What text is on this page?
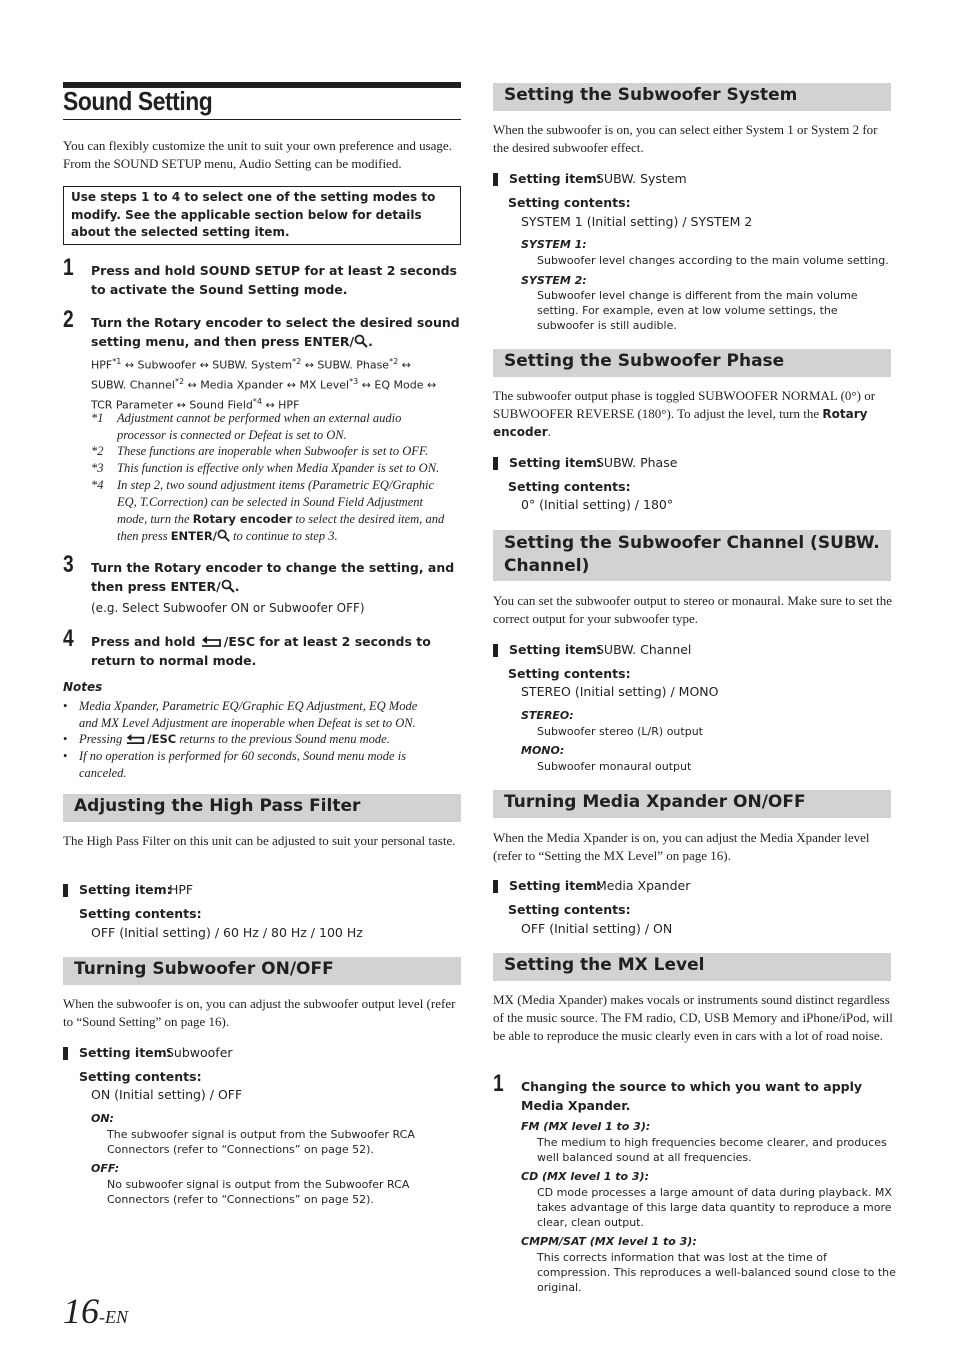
Sound Setting
You can flexibly customize the unit to suit your own preference and usage. From the SOUND SETUP menu, Audio Setting can be modified.
Use steps 1 to 4 to select one of the setting modes to modify. See the applicable section below for details about the selected setting item.
1 Press and hold SOUND SETUP for at least 2 seconds to activate the Sound Setting mode.
2 Turn the Rotary encoder to select the desired sound setting menu, and then press ENTER/ .
HPF$^{*1}$ ↔ Subwoofer ↔ SUBW. System$^{*2}$ ↔ SUBW. Phase$^{*2}$ ↔
SUBW. Channel$^{*2}$ ↔ Media Xpander ↔ MX Level$^{*3}$ ↔ EQ Mode ↔
TCR Parameter ↔ Sound Field$^{*4}$ ↔ HPF
*1 Adjustment cannot be performed when an external audio
processor is connected or Defeat is set to ON.
*2 These functions are inoperable when Subwoofer is set to OFF.
*3 This function is effective only when Media Xpander is set to ON.
*4 In step 2, two sound adjustment items (Parametric EQ/Graphic
EQ, T.Correction) can be selected in Sound Field Adjustment
mode, turn the Rotary encoder to select the desired item, and
then press ENTER/ to continue to step 3.
3 Turn the Rotary encoder to change the setting, and then press ENTER/ .
(e.g. Select Subwoofer ON or Subwoofer OFF)
4 Press and hold /ESC for at least 2 seconds to return to normal mode.
Notes
• Media Xpander, Parametric EQ/Graphic EQ Adjustment, EQ Mode
and MX Level Adjustment are inoperable when Defeat is set to ON.
• Pressing /ESC returns to the previous Sound menu mode.
• If no operation is performed for 60 seconds, Sound menu mode is
canceled.
Adjusting the High Pass Filter
The High Pass Filter on this unit can be adjusted to suit your personal taste.
Setting item:
HPF
Setting contents:
OFF (Initial setting) / 60 Hz / 80 Hz / 100 Hz
Turning Subwoofer ON/OFF
When the subwoofer is on, you can adjust the subwoofer output level (refer to “Sound Setting” on page 16).
Setting item:
Subwoofer
Setting contents:
ON (Initial setting) / OFF
ON:
The subwoofer signal is output from the Subwoofer RCA Connectors (refer to “Connections” on page 52).
OFF:
No subwoofer signal is output from the Subwoofer RCA Connectors (refer to “Connections” on page 52).
16-EN
Setting the Subwoofer System
When the subwoofer is on, you can select either System 1 or System 2 for the desired subwoofer effect.
Setting item:
SUBW. System
Setting contents:
SYSTEM 1 (Initial setting) / SYSTEM 2
SYSTEM 1:
Subwoofer level changes according to the main volume setting.
SYSTEM 2:
Subwoofer level change is different from the main volume setting. For example, even at low volume settings, the subwoofer is still audible.
Setting the Subwoofer Phase
The subwoofer output phase is toggled SUBWOOFER NORMAL (0°) or SUBWOOFER REVERSE (180°). To adjust the level, turn the Rotary encoder.
Setting item:
SUBW. Phase
Setting contents:
0° (Initial setting) / 180°
Setting the Subwoofer Channel (SUBW. Channel)
You can set the subwoofer output to stereo or monaural. Make sure to set the correct output for your subwoofer type.
Setting item:
SUBW. Channel
Setting contents:
STEREO (Initial setting) / MONO
STEREO:
Subwoofer stereo (L/R) output
MONO:
Subwoofer monaural output
Turning Media Xpander ON/OFF
When the Media Xpander is on, you can adjust the Media Xpander level (refer to “Setting the MX Level” on page 16).
Setting item:
Media Xpander
Setting contents:
OFF (Initial setting) / ON
Setting the MX Level
MX (Media Xpander) makes vocals or instruments sound distinct regardless of the music source. The FM radio, CD, USB Memory and iPhone/iPod, will be able to reproduce the music clearly even in cars with a lot of road noise.
1 Changing the source to which you want to apply Media Xpander.
FM (MX level 1 to 3):
The medium to high frequencies become clearer, and produces well balanced sound at all frequencies.
CD (MX level 1 to 3):
CD mode processes a large amount of data during playback. MX takes advantage of this large data quantity to reproduce a more clear, clean output.
CMPM/SAT (MX level 1 to 3):
This corrects information that was lost at the time of compression. This reproduces a well-balanced sound close to the original.
